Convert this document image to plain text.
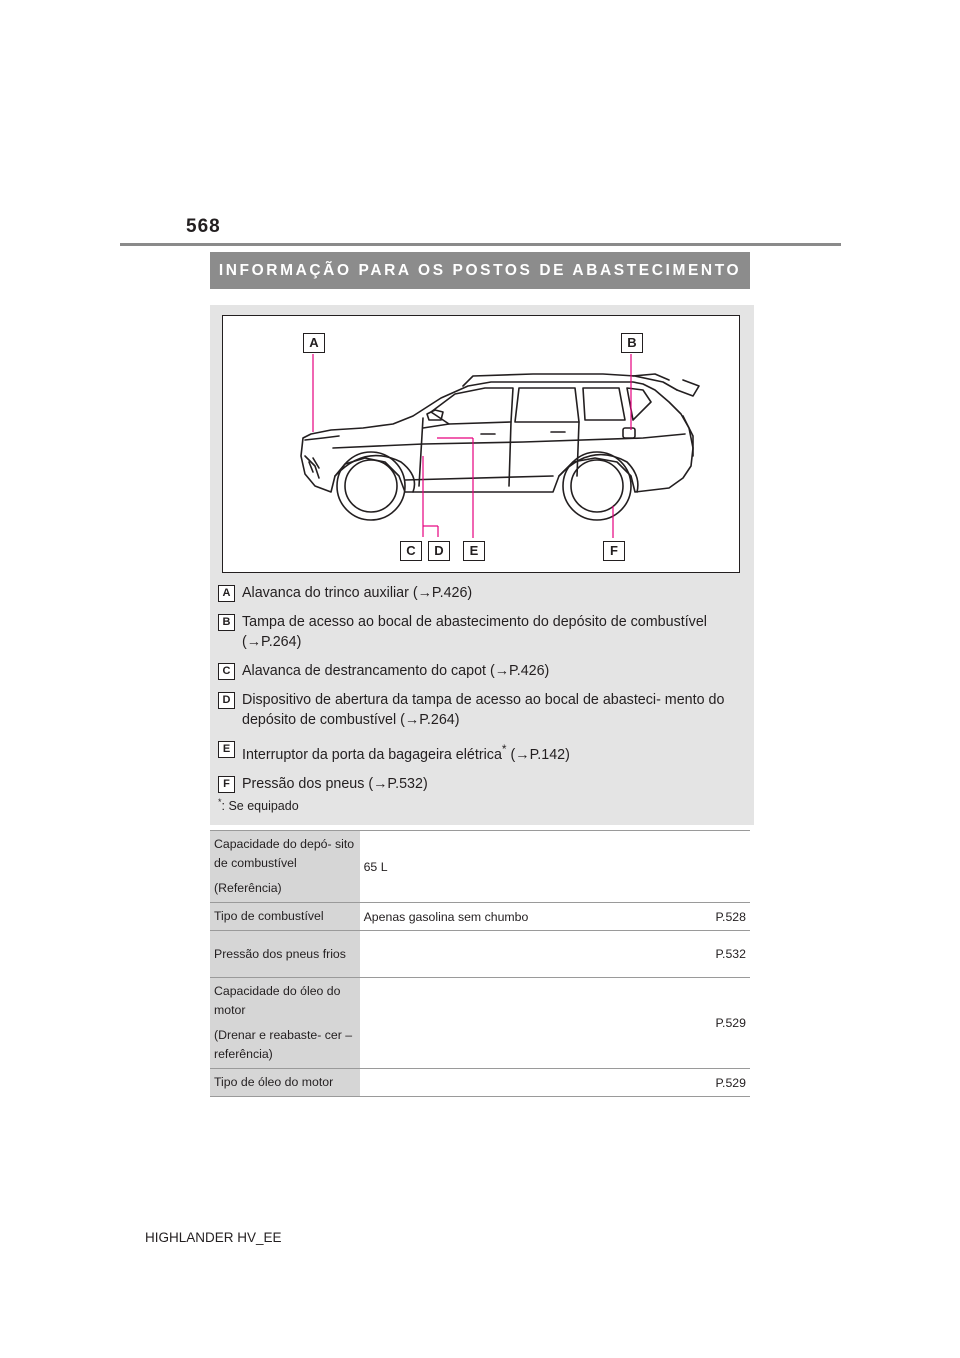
568
INFORMAÇÃO PARA OS POSTOS DE ABASTECIMENTO
A	B
C	D	E	F
A Alavanca do trinco auxiliar (→P.426)
B Tampa de acesso ao bocal de abastecimento do depósito de combustível (→P.264)
C Alavanca de destrancamento do capot (→P.426)
D Dispositivo de abertura da tampa de acesso ao bocal de abasteci- mento do depósito de combustível (→P.264)
E Interruptor da porta da bagageira elétrica* (→P.142)
F Pressão dos pneus (→P.532)
*: Se equipado

Capacidade do depó- sito de combustível

(Referência)	65 L	

Tipo de combustível	Apenas gasolina sem chumbo	P.528

Pressão dos pneus frios		P.532

Capacidade do óleo do motor

(Drenar e reabaste- cer – referência)		P.529

Tipo de óleo do motor		P.529
HIGHLANDER HV_EE
